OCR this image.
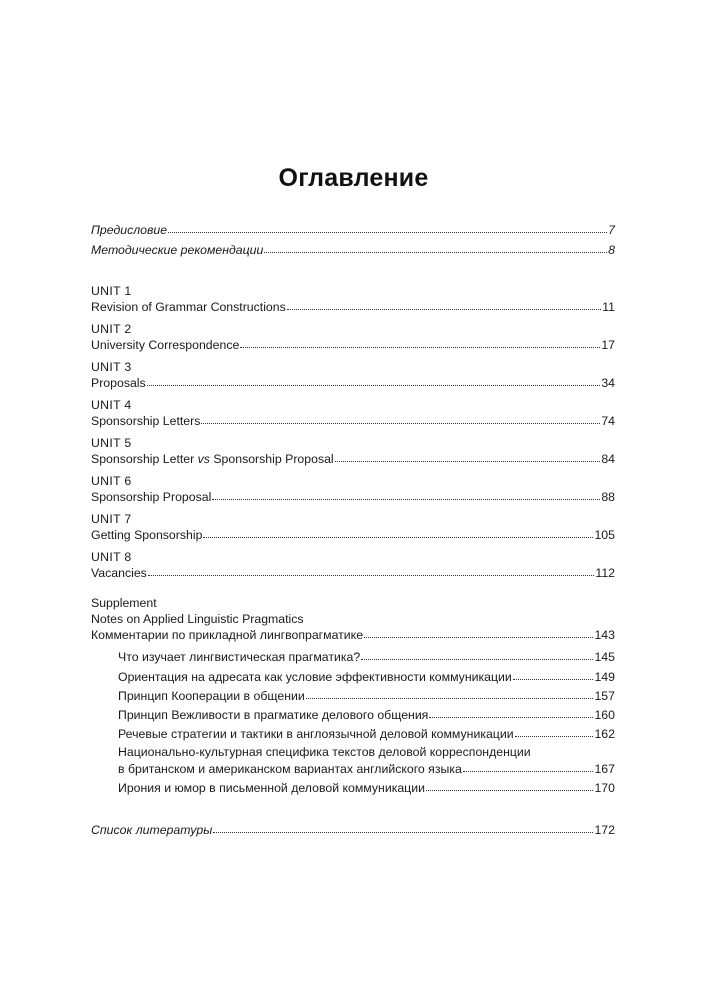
Оглавление
Предисловие	7
Методические рекомендации	8
UNIT 1
Revision of Grammar Constructions	11
UNIT 2
University Correspondence	17
UNIT 3
Proposals	34
UNIT 4
Sponsorship Letters	74
UNIT 5
Sponsorship Letter vs Sponsorship Proposal	84
UNIT 6
Sponsorship Proposal	88
UNIT 7
Getting Sponsorship	105
UNIT 8
Vacancies	112
Supplement
Notes on Applied Linguistic Pragmatics
Комментарии по прикладной лингвопрагматике	143
Что изучает лингвистическая прагматика?	145
Ориентация на адресата как условие эффективности коммуникации	149
Принцип Кооперации в общении	157
Принцип Вежливости в прагматике делового общения	160
Речевые стратегии и тактики в англоязычной деловой коммуникации	162
Национально-культурная специфика текстов деловой корреспонденции
в британском и американском вариантах английского языка	167
Ирония и юмор в письменной деловой коммуникации	170
Список литературы	172
